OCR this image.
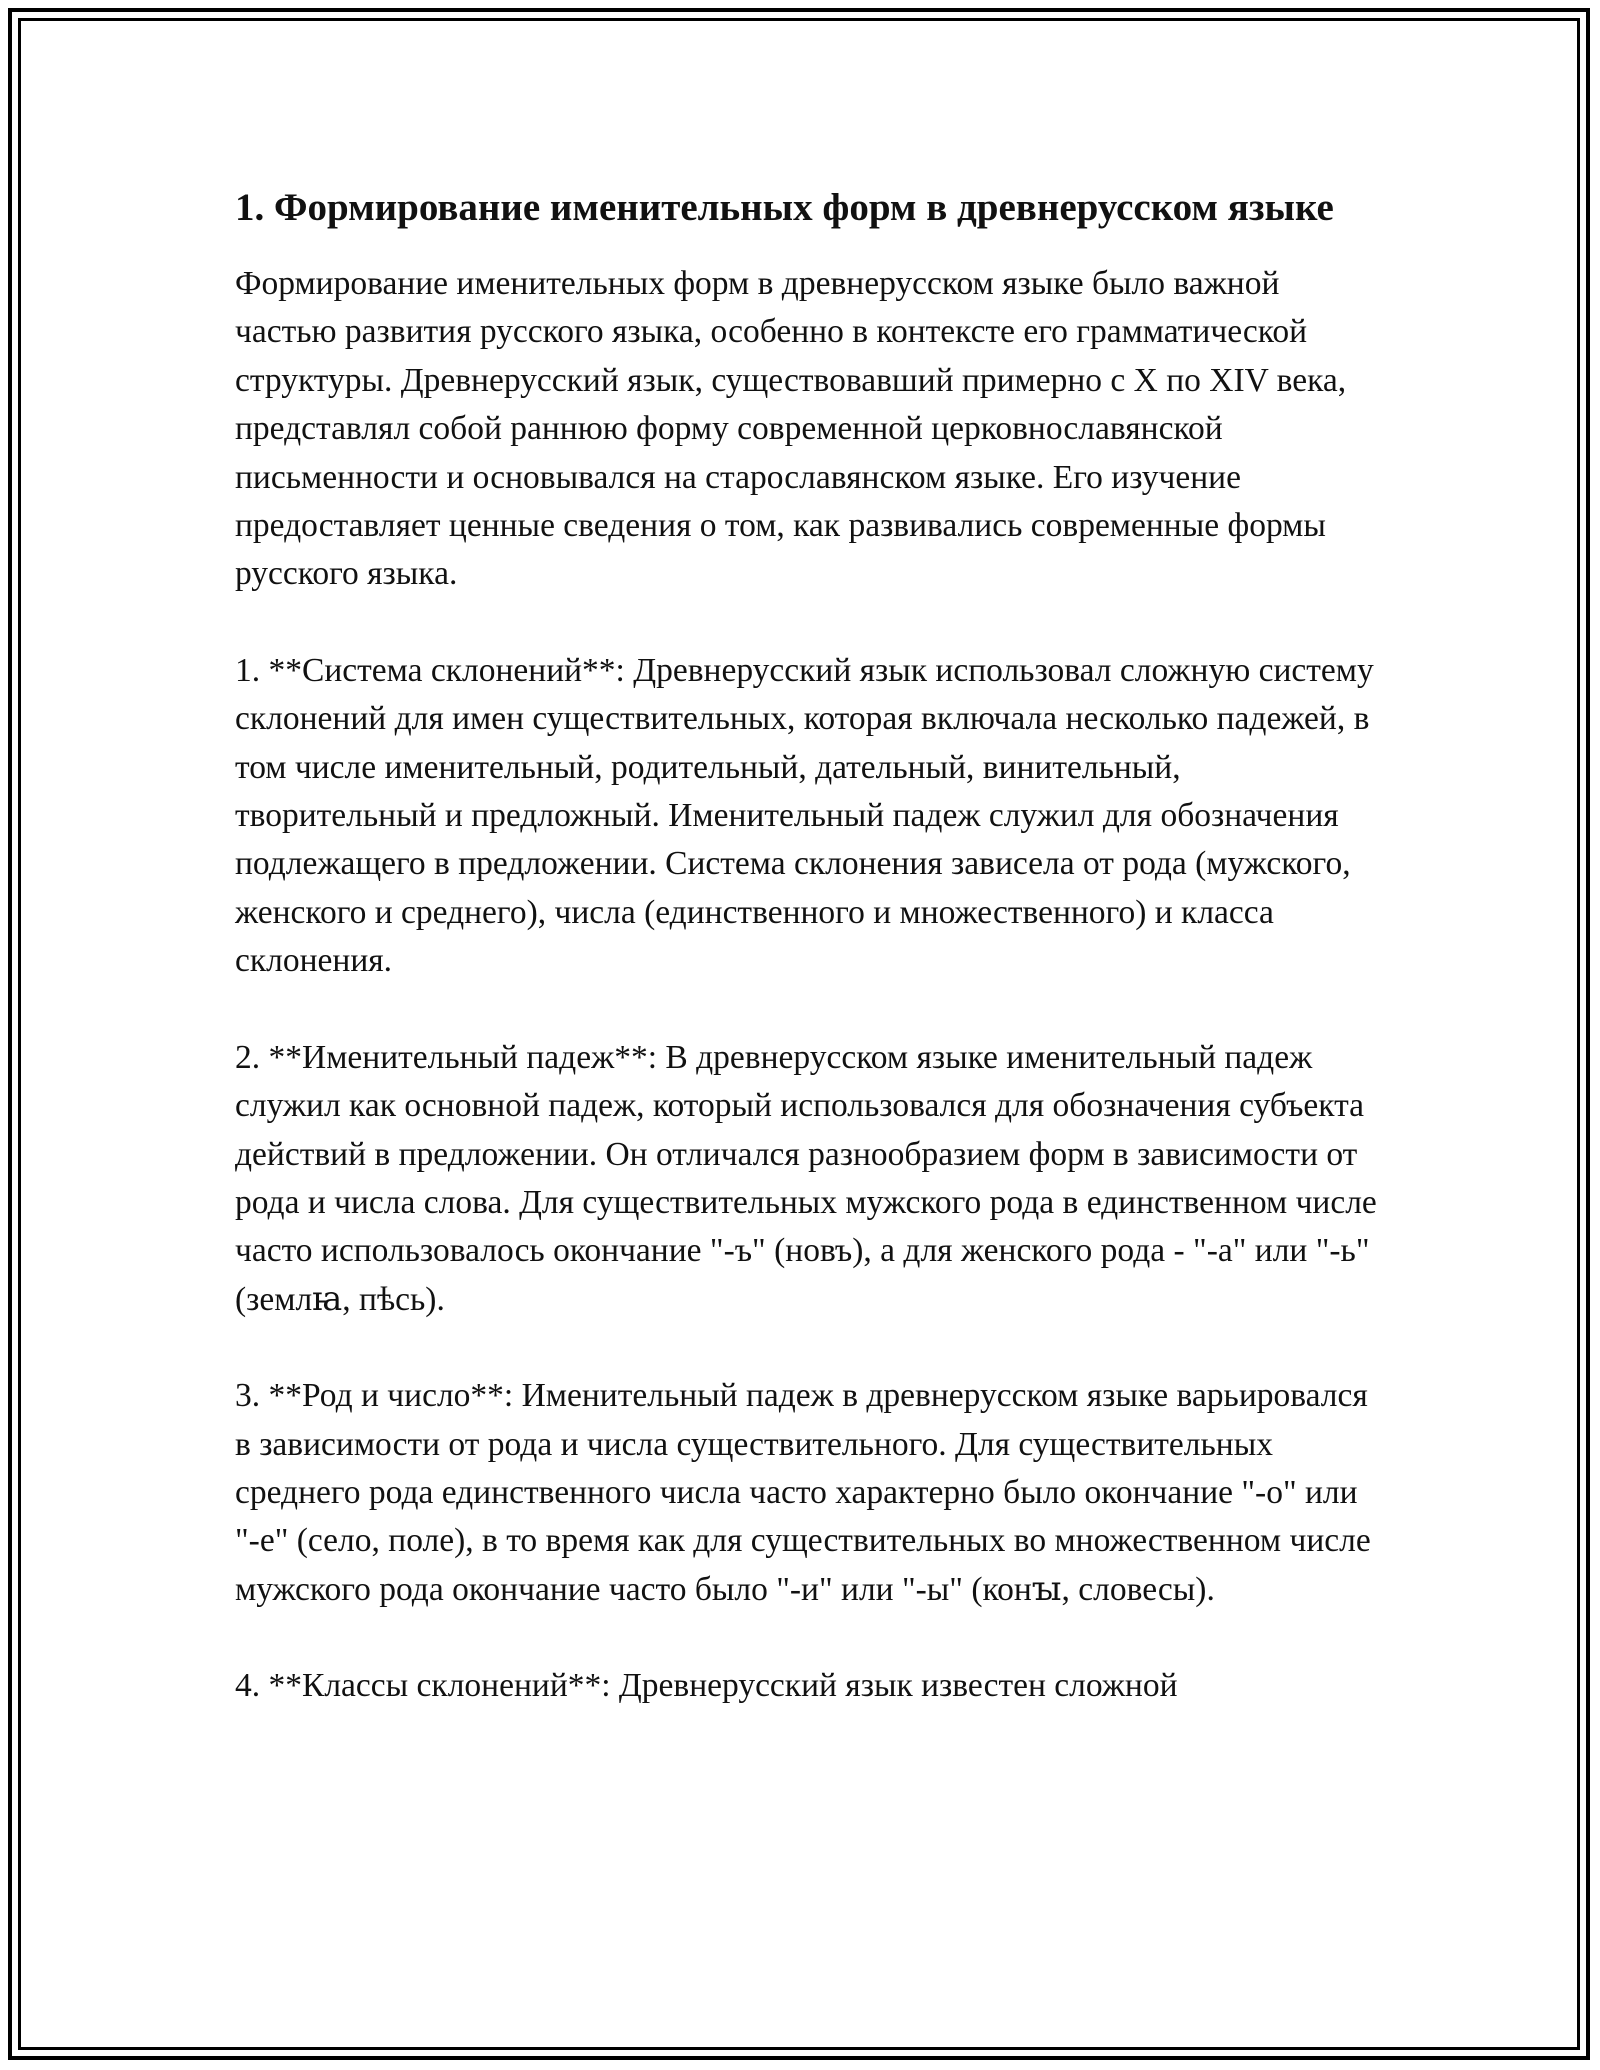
1. Формирование именительных форм в древнерусском языке

Формирование именительных форм в древнерусском языке было важной частью развития русского языка, особенно в контексте его грамматической структуры. Древнерусский язык, существовавший примерно с X по XIV века, представлял собой раннюю форму современной церковнославянской письменности и основывался на старославянском языке. Его изучение предоставляет ценные сведения о том, как развивались современные формы русского языка.

1. **Система склонений**: Древнерусский язык использовал сложную систему склонений для имен существительных, которая включала несколько падежей, в том числе именительный, родительный, дательный, винительный, творительный и предложный. Именительный падеж служил для обозначения подлежащего в предложении. Система склонения зависела от рода (мужского, женского и среднего), числа (единственного и множественного) и класса склонения.

2. **Именительный падеж**: В древнерусском языке именительный падеж служил как основной падеж, который использовался для обозначения субъекта действий в предложении. Он отличался разнообразием форм в зависимости от рода и числа слова. Для существительных мужского рода в единственном числе часто использовалось окончание "-ъ" (новъ), а для женского рода - "-а" или "-ь" (землꙗ, пѣсь).

3. **Род и число**: Именительный падеж в древнерусском языке варьировался в зависимости от рода и числа существительного. Для существительных среднего рода единственного числа часто характерно было окончание "-о" или "-е" (село, поле), в то время как для существительных во множественном числе мужского рода окончание часто было "-и" или "-ы" (конꙑ, словесы).

4. **Классы склонений**: Древнерусский язык известен сложной
